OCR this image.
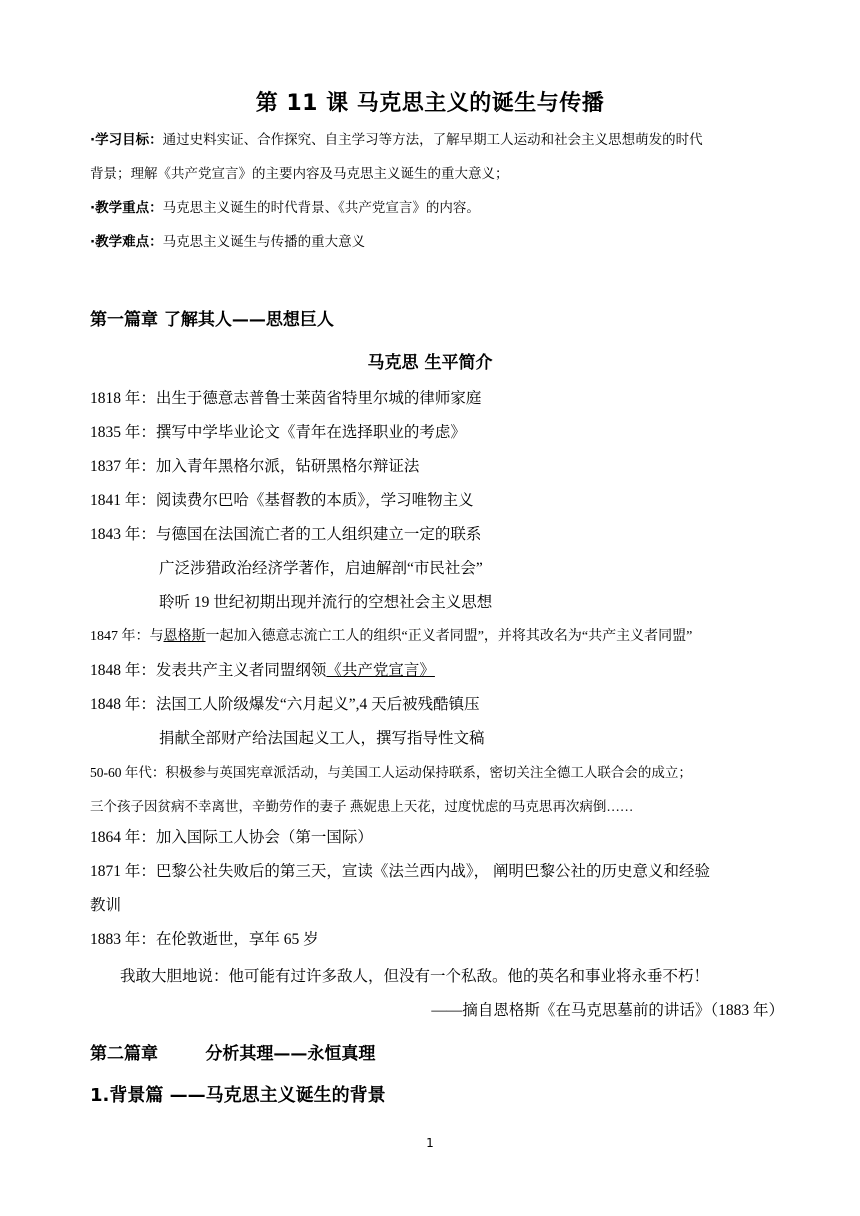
第 11 课 马克思主义的诞生与传播
·学习目标：通过史料实证、合作探究、自主学习等方法，了解早期工人运动和社会主义思想萌发的时代
背景；理解《共产党宣言》的主要内容及马克思主义诞生的重大意义；
·教学重点：马克思主义诞生的时代背景、《共产党宣言》的内容。
·教学难点：马克思主义诞生与传播的重大意义
第一篇章 了解其人——思想巨人
马克思 生平简介
1818 年：出生于德意志普鲁士莱茵省特里尔城的律师家庭
1835 年：撰写中学毕业论文《青年在选择职业的考虑》
1837 年：加入青年黑格尔派，钻研黑格尔辩证法
1841 年：阅读费尔巴哈《基督教的本质》，学习唯物主义
1843 年：与德国在法国流亡者的工人组织建立一定的联系
广泛涉猎政治经济学著作，启迪解剖“市民社会”
聆听 19 世纪初期出现并流行的空想社会主义思想
1847 年：与恩格斯一起加入德意志流亡工人的组织“正义者同盟”，并将其改名为“共产主义者同盟”
1848 年：发表共产主义者同盟纲领《共产党宣言》
1848 年：法国工人阶级爆发“六月起义”,4 天后被残酷镇压
捐献全部财产给法国起义工人，撰写指导性文稿
50-60 年代：积极参与英国宪章派活动，与美国工人运动保持联系，密切关注全德工人联合会的成立；
三个孩子因贫病不幸离世，辛勤劳作的妻子 燕妮患上天花，过度忧虑的马克思再次病倒……
1864 年：加入国际工人协会（第一国际）
1871 年：巴黎公社失败后的第三天，宣读《法兰西内战》， 阐明巴黎公社的历史意义和经验
教训
1883 年：在伦敦逝世，享年 65 岁
我敢大胆地说：他可能有过许多敌人，但没有一个私敌。他的英名和事业将永垂不朽！
——摘自恩格斯《在马克思墓前的讲话》（1883 年）
第二篇章        分析其理——永恒真理
1.背景篇 ——马克思主义诞生的背景
1
